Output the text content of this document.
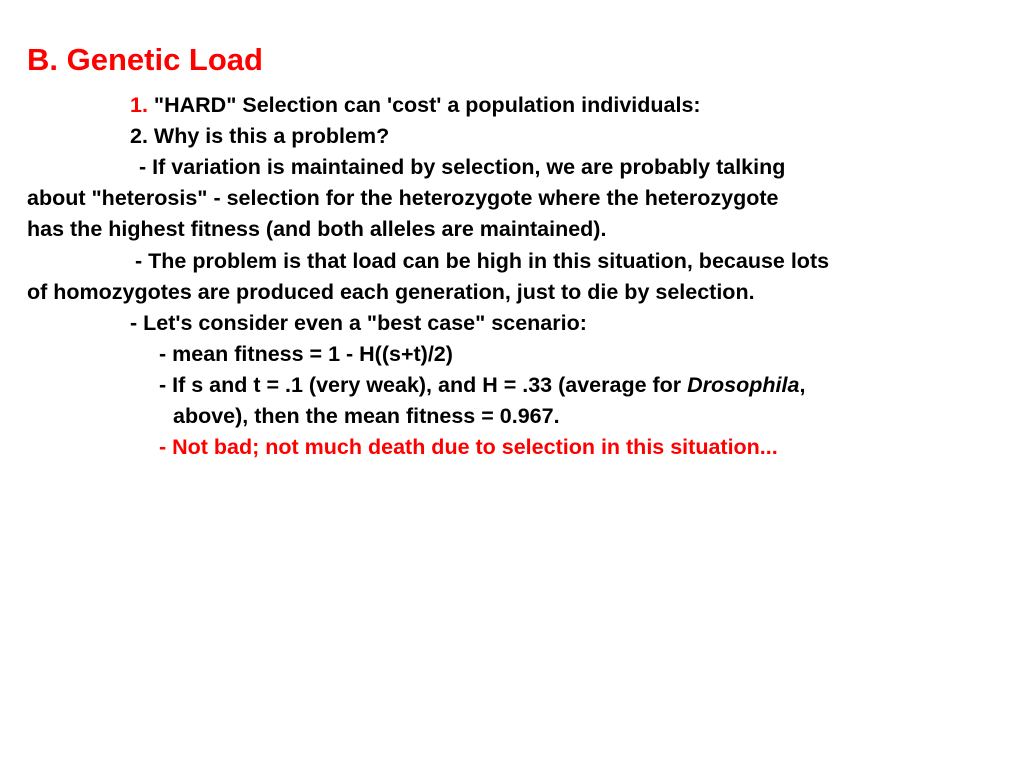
B. Genetic Load
1. "HARD" Selection can 'cost' a population individuals:
2. Why is this a problem?
- If variation is maintained by selection, we are probably talking
about "heterosis" - selection for the heterozygote where the heterozygote
has the highest fitness (and both alleles are maintained).
- The problem is that load can be high in this situation, because lots
of homozygotes are produced each generation, just to die by selection.
- Let's consider even a "best case" scenario:
- mean fitness = 1 - H((s+t)/2)
- If s and t = .1 (very weak), and H = .33 (average for Drosophila,
above), then the mean fitness = 0.967.
- Not bad; not much death due to selection in this situation...
